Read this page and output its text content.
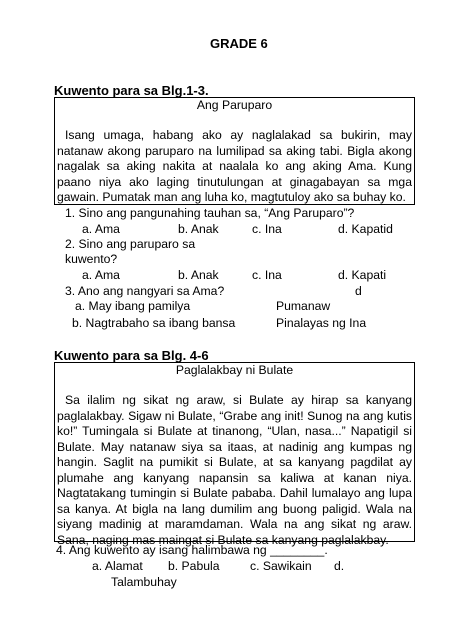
GRADE 6
Kuwento para sa Blg.1-3.
Ang Paruparo
Isang umaga, habang ako ay naglalakad sa bukirin, may natanaw akong paruparo na lumilipad sa aking tabi. Bigla akong nagalak sa aking nakita at naalala ko ang aking Ama. Kung paano niya ako laging tinutulungan at ginagabayan sa mga gawain. Pumatak man ang luha ko, magtutuloy ako sa buhay ko.
1. Sino ang pangunahing tauhan sa, “Ang Paruparo”?
a. Ama	b. Anak	c. Ina	d. Kapatid
2. Sino ang paruparo sa
kuwento?
a. Ama	b. Anak	c. Ina	d. Kapati
3. Ano ang nangyari sa Ama?	d
a. May ibang pamilya	Pumanaw
b. Nagtrabaho sa ibang bansa	Pinalayas ng Ina
Kuwento para sa Blg. 4-6
Paglalakbay ni Bulate
Sa ilalim ng sikat ng araw, si Bulate ay hirap sa kanyang paglalakbay. Sigaw ni Bulate, “Grabe ang init! Sunog na ang kutis ko!” Tumingala si Bulate at tinanong, “Ulan, nasa...” Napatigil si Bulate. May natanaw siya sa itaas, at nadinig ang kumpas ng hangin. Saglit na pumikit si Bulate, at sa kanyang pagdilat ay plumahe ang kanyang napansin sa kaliwa at kanan niya. Nagtatakang tumingin si Bulate pababa. Dahil lumalayo ang lupa sa kanya. At bigla na lang dumilim ang buong paligid. Wala na siyang madinig at maramdaman. Wala na ang sikat ng araw. Sana, naging mas maingat si Bulate sa kanyang paglalakbay.
4. Ang kuwento ay isang halimbawa ng ________.
a. Alamat b. Pabula	c. Sawikain d.
Talambuhay
